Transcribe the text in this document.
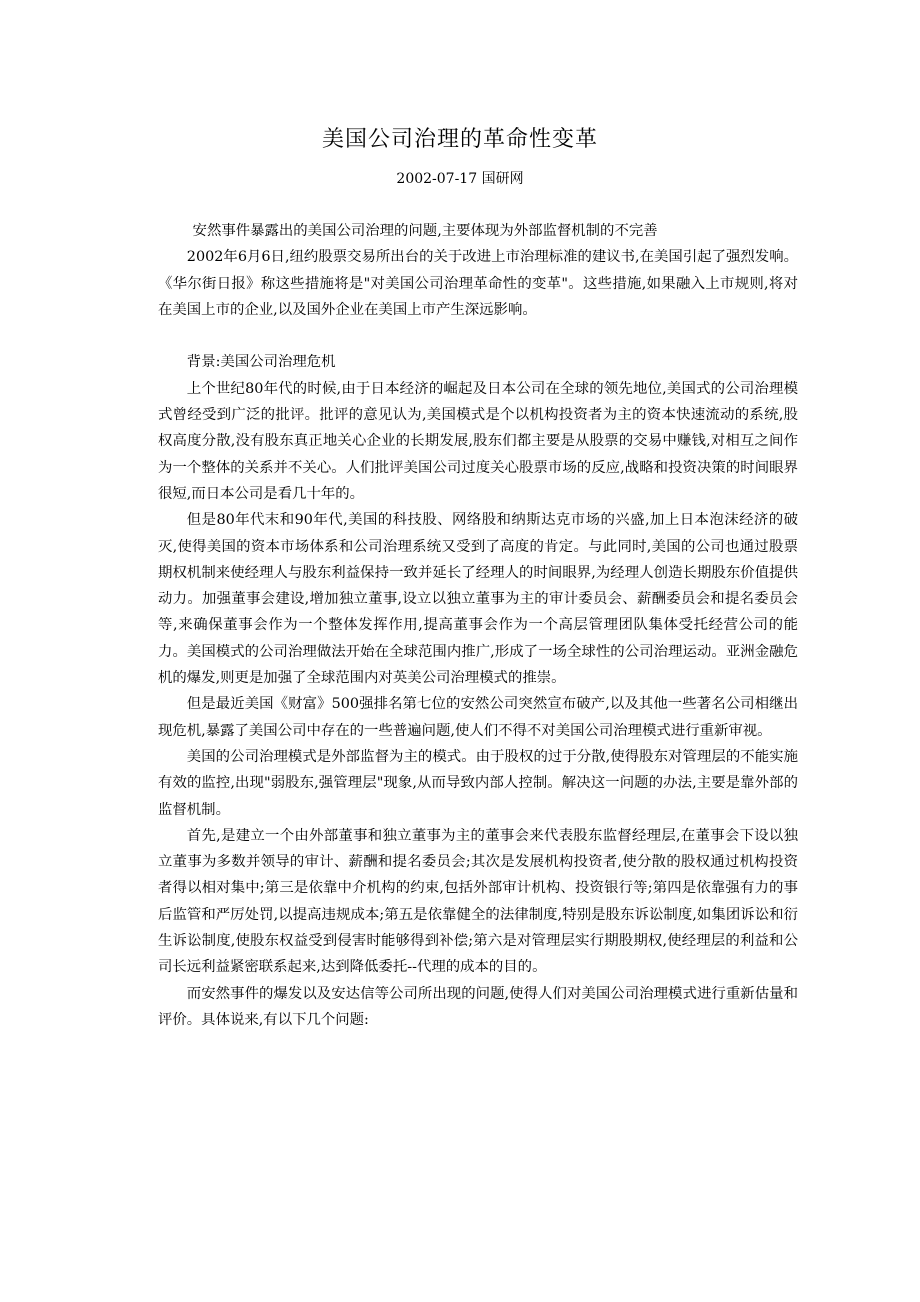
美国公司治理的革命性变革
2002-07-17 国研网

安然事件暴露出的美国公司治理的问题,主要体现为外部监督机制的不完善

2002年6月6日,纽约股票交易所出台的关于改进上市治理标准的建议书,在美国引起了强烈发响。《华尔街日报》称这些措施将是"对美国公司治理革命性的变革"。这些措施,如果融入上市规则,将对在美国上市的企业,以及国外企业在美国上市产生深远影响。

背景:美国公司治理危机

上个世纪80年代的时候,由于日本经济的崛起及日本公司在全球的领先地位,美国式的公司治理模式曾经受到广泛的批评。批评的意见认为,美国模式是个以机构投资者为主的资本快速流动的系统,股权高度分散,没有股东真正地关心企业的长期发展,股东们都主要是从股票的交易中赚钱,对相互之间作为一个整体的关系并不关心。人们批评美国公司过度关心股票市场的反应,战略和投资决策的时间眼界很短,而日本公司是看几十年的。

但是80年代末和90年代,美国的科技股、网络股和纳斯达克市场的兴盛,加上日本泡沫经济的破灭,使得美国的资本市场体系和公司治理系统又受到了高度的肯定。与此同时,美国的公司也通过股票期权机制来使经理人与股东利益保持一致并延长了经理人的时间眼界,为经理人创造长期股东价值提供动力。加强董事会建设,增加独立董事,设立以独立董事为主的审计委员会、薪酬委员会和提名委员会等,来确保董事会作为一个整体发挥作用,提高董事会作为一个高层管理团队集体受托经营公司的能力。美国模式的公司治理做法开始在全球范围内推广,形成了一场全球性的公司治理运动。亚洲金融危机的爆发,则更是加强了全球范围内对英美公司治理模式的推崇。

但是最近美国《财富》500强排名第七位的安然公司突然宣布破产,以及其他一些著名公司相继出现危机,暴露了美国公司中存在的一些普遍问题,使人们不得不对美国公司治理模式进行重新审视。

美国的公司治理模式是外部监督为主的模式。由于股权的过于分散,使得股东对管理层的不能实施有效的监控,出现"弱股东,强管理层"现象,从而导致内部人控制。解决这一问题的办法,主要是靠外部的监督机制。

首先,是建立一个由外部董事和独立董事为主的董事会来代表股东监督经理层,在董事会下设以独立董事为多数并领导的审计、薪酬和提名委员会;其次是发展机构投资者,使分散的股权通过机构投资者得以相对集中;第三是依靠中介机构的约束,包括外部审计机构、投资银行等;第四是依靠强有力的事后监管和严厉处罚,以提高违规成本;第五是依靠健全的法律制度,特别是股东诉讼制度,如集团诉讼和衍生诉讼制度,使股东权益受到侵害时能够得到补偿;第六是对管理层实行期股期权,使经理层的利益和公司长远利益紧密联系起来,达到降低委托--代理的成本的目的。

而安然事件的爆发以及安达信等公司所出现的问题,使得人们对美国公司治理模式进行重新估量和评价。具体说来,有以下几个问题:
